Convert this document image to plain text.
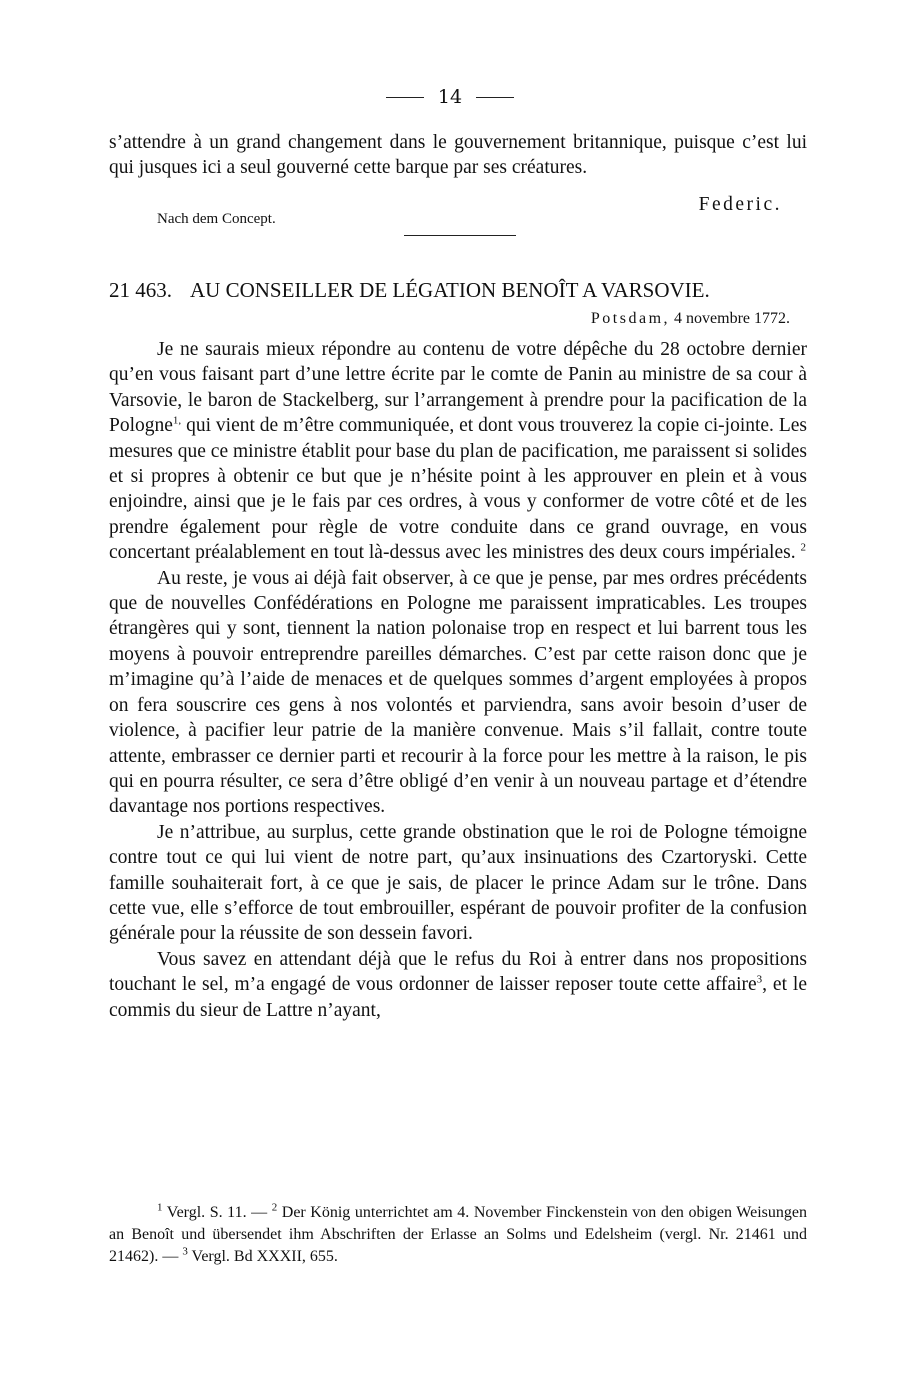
14

s’attendre à un grand changement dans le gouvernement britannique, puisque c’est lui qui jusques ici a seul gouverné cette barque par ses créatures.

Federic.
Nach dem Concept.
21 463. AU CONSEILLER DE LÉGATION BENOÎT A VARSOVIE.
Potsdam, 4 novembre 1772.

Je ne saurais mieux répondre au contenu de votre dépêche du 28 octobre dernier qu’en vous faisant part d’une lettre écrite par le comte de Panin au ministre de sa cour à Varsovie, le baron de Stackelberg, sur l’arrangement à prendre pour la pacification de la Pologne$^{1,}$ qui vient de m’être communiquée, et dont vous trouverez la copie ci-jointe. Les mesures que ce ministre établit pour base du plan de pacification, me paraissent si solides et si propres à obtenir ce but que je n’hésite point à les approuver en plein et à vous enjoindre, ainsi que je le fais par ces ordres, à vous y conformer de votre côté et de les prendre également pour règle de votre conduite dans ce grand ouvrage, en vous concertant préalablement en tout là-dessus avec les ministres des deux cours impériales. $^2$

Au reste, je vous ai déjà fait observer, à ce que je pense, par mes ordres précédents que de nouvelles Confédérations en Pologne me paraissent impraticables. Les troupes étrangères qui y sont, tiennent la nation polonaise trop en respect et lui barrent tous les moyens à pouvoir entreprendre pareilles démarches. C’est par cette raison donc que je m’imagine qu’à l’aide de menaces et de quelques sommes d’argent employées à propos on fera souscrire ces gens à nos volontés et parviendra, sans avoir besoin d’user de violence, à pacifier leur patrie de la manière convenue. Mais s’il fallait, contre toute attente, embrasser ce dernier parti et recourir à la force pour les mettre à la raison, le pis qui en pourra résulter, ce sera d’être obligé d’en venir à un nouveau partage et d’étendre davantage nos portions respectives.

Je n’attribue, au surplus, cette grande obstination que le roi de Pologne témoigne contre tout ce qui lui vient de notre part, qu’aux insinuations des Czartoryski. Cette famille souhaiterait fort, à ce que je sais, de placer le prince Adam sur le trône. Dans cette vue, elle s’efforce de tout embrouiller, espérant de pouvoir profiter de la confusion générale pour la réussite de son dessein favori.

Vous savez en attendant déjà que le refus du Roi à entrer dans nos propositions touchant le sel, m’a engagé de vous ordonner de laisser reposer toute cette affaire$^3$, et le commis du sieur de Lattre n’ayant,

$^1$ Vergl. S. 11. — $^2$ Der König unterrichtet am 4. November Finckenstein von den obigen Weisungen an Benoît und übersendet ihm Abschriften der Erlasse an Solms und Edelsheim (vergl. Nr. 21461 und 21462). — $^3$ Vergl. Bd XXXII, 655.
